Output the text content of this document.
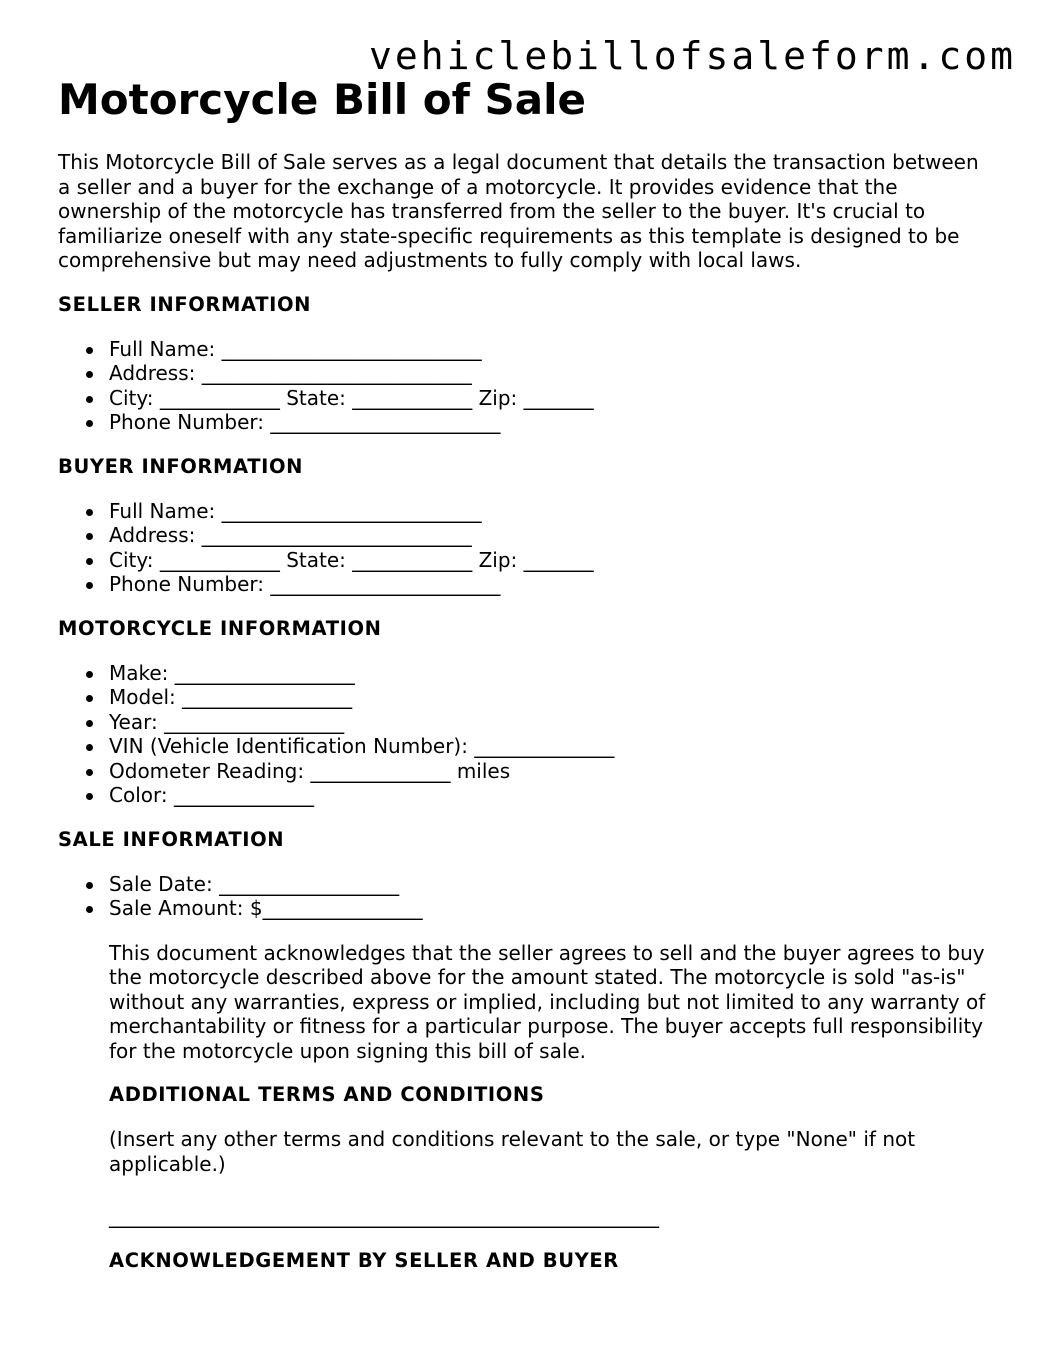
vehiclebillofsaleform.com
Motorcycle Bill of Sale

This Motorcycle Bill of Sale serves as a legal document that details the transaction between a seller and a buyer for the exchange of a motorcycle. It provides evidence that the ownership of the motorcycle has transferred from the seller to the buyer. It's crucial to familiarize oneself with any state-specific requirements as this template is designed to be comprehensive but may need adjustments to fully comply with local laws.

SELLER INFORMATION
Full Name: __________________________
Address: ___________________________
City: ____________ State: ____________ Zip: _______
Phone Number: _______________________
BUYER INFORMATION
Full Name: __________________________
Address: ___________________________
City: ____________ State: ____________ Zip: _______
Phone Number: _______________________
MOTORCYCLE INFORMATION
Make: __________________
Model: _________________
Year: __________________
VIN (Vehicle Identification Number): ______________
Odometer Reading: ______________ miles
Color: ______________
SALE INFORMATION
Sale Date: __________________
Sale Amount: $________________

This document acknowledges that the seller agrees to sell and the buyer agrees to buy the motorcycle described above for the amount stated. The motorcycle is sold "as-is" without any warranties, express or implied, including but not limited to any warranty of merchantability or fitness for a particular purpose. The buyer accepts full responsibility for the motorcycle upon signing this bill of sale.

ADDITIONAL TERMS AND CONDITIONS

(Insert any other terms and conditions relevant to the sale, or type "None" if not applicable.)

_______________________________________________________
ACKNOWLEDGEMENT BY SELLER AND BUYER
